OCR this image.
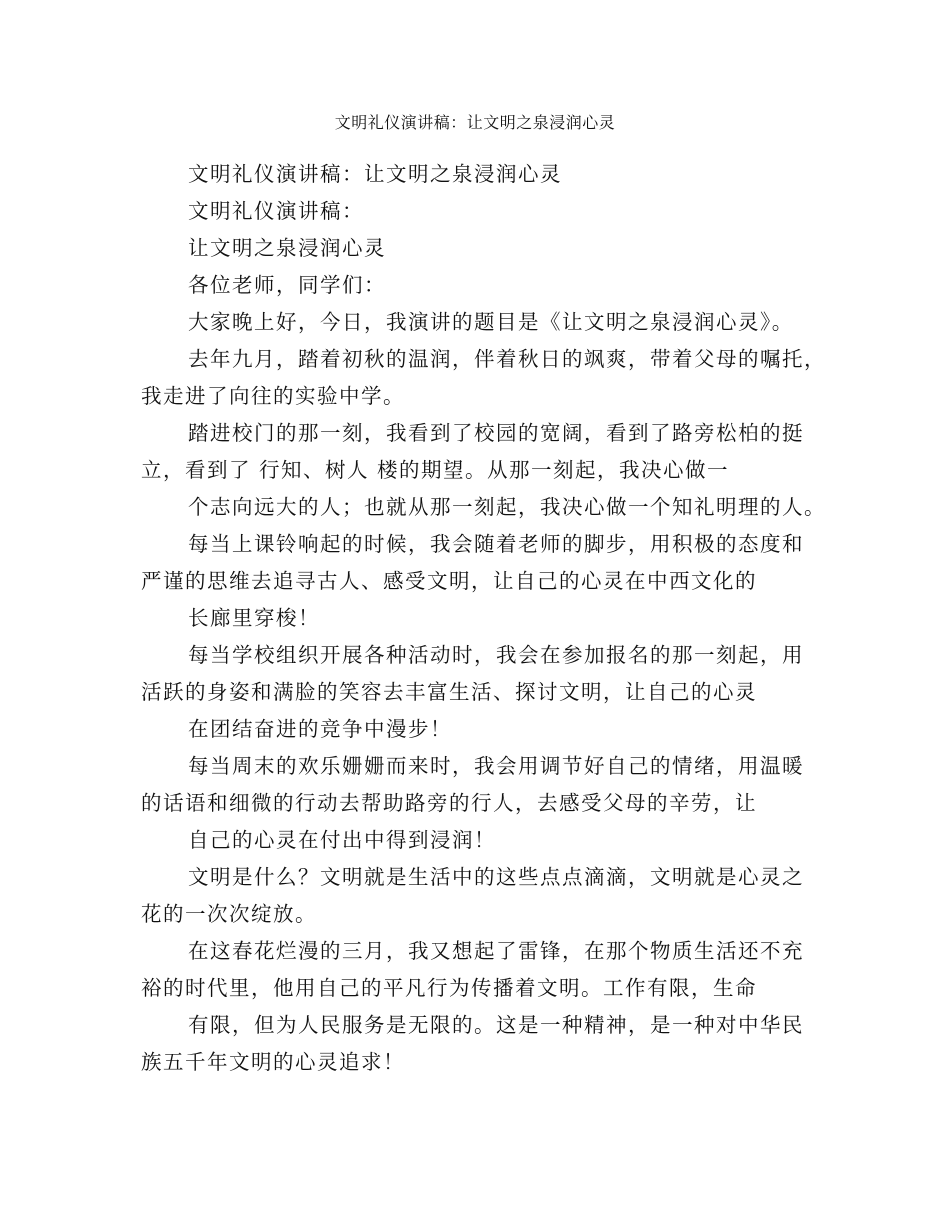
文明礼仪演讲稿：让文明之泉浸润心灵
文明礼仪演讲稿：让文明之泉浸润心灵
文明礼仪演讲稿：
让文明之泉浸润心灵
各位老师，同学们：
大家晚上好，今日，我演讲的题目是《让文明之泉浸润心灵》。
去年九月，踏着初秋的温润，伴着秋日的飒爽，带着父母的嘱托，
我走进了向往的实验中学。
踏进校门的那一刻，我看到了校园的宽阔，看到了路旁松柏的挺
立，看到了 行知、树人 楼的期望。从那一刻起，我决心做一
个志向远大的人；也就从那一刻起，我决心做一个知礼明理的人。
每当上课铃响起的时候，我会随着老师的脚步，用积极的态度和
严谨的思维去追寻古人、感受文明，让自己的心灵在中西文化的
长廊里穿梭！
每当学校组织开展各种活动时，我会在参加报名的那一刻起，用
活跃的身姿和满脸的笑容去丰富生活、探讨文明，让自己的心灵
在团结奋进的竞争中漫步！
每当周末的欢乐姗姗而来时，我会用调节好自己的情绪，用温暖
的话语和细微的行动去帮助路旁的行人，去感受父母的辛劳，让
自己的心灵在付出中得到浸润！
文明是什么？文明就是生活中的这些点点滴滴，文明就是心灵之
花的一次次绽放。
在这春花烂漫的三月，我又想起了雷锋，在那个物质生活还不充
裕的时代里，他用自己的平凡行为传播着文明。工作有限，生命
有限，但为人民服务是无限的。这是一种精神，是一种对中华民
族五千年文明的心灵追求！
